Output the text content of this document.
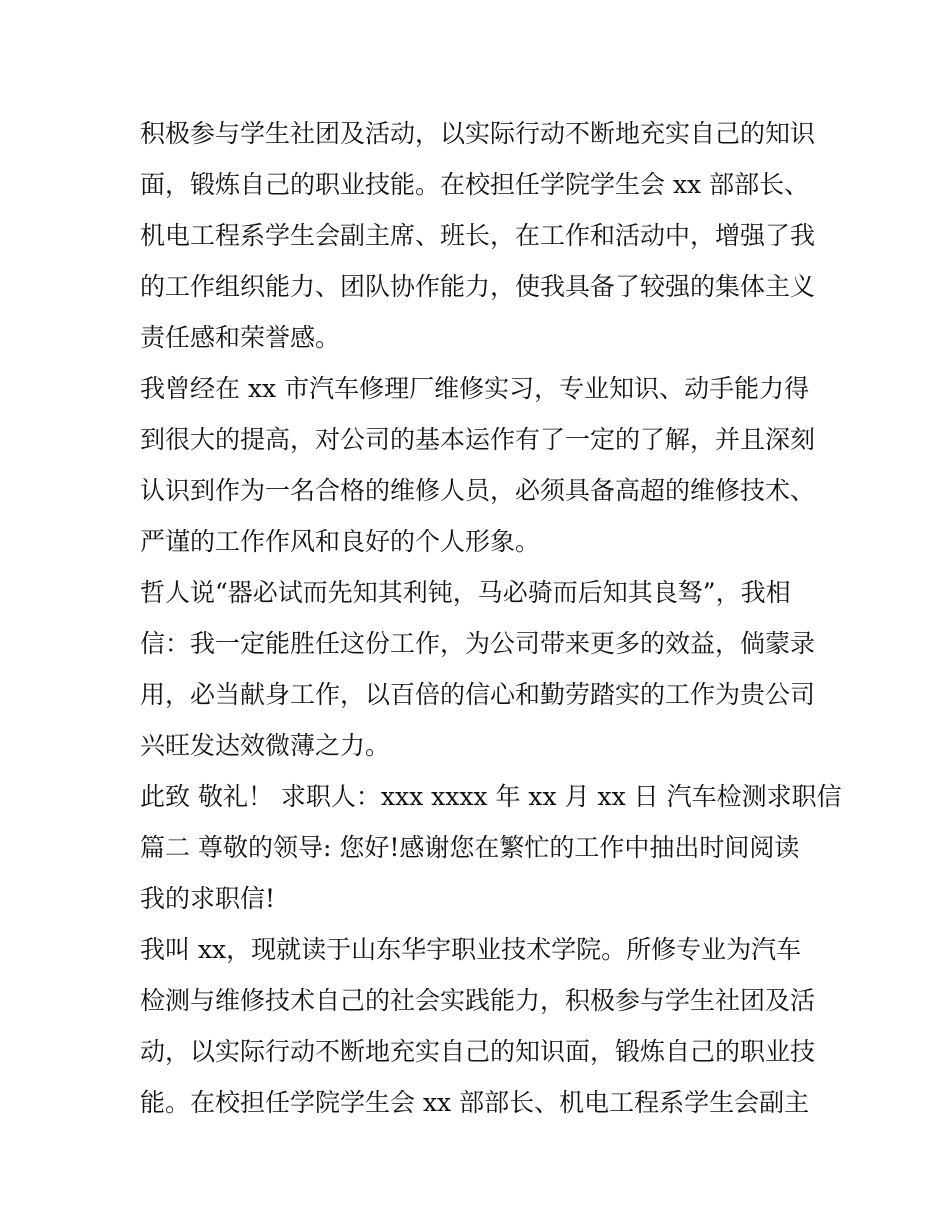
积极参与学生社团及活动，以实际行动不断地充实自己的知识
面，锻炼自己的职业技能。在校担任学院学生会 xx 部部长、
机电工程系学生会副主席、班长，在工作和活动中，增强了我
的工作组织能力、团队协作能力，使我具备了较强的集体主义
责任感和荣誉感。
我曾经在 xx 市汽车修理厂维修实习，专业知识、动手能力得
到很大的提高，对公司的基本运作有了一定的了解，并且深刻
认识到作为一名合格的维修人员，必须具备高超的维修技术、
严谨的工作作风和良好的个人形象。
哲人说“器必试而先知其利钝，马必骑而后知其良驽”，我相
信：我一定能胜任这份工作，为公司带来更多的效益，倘蒙录
用，必当献身工作，以百倍的信心和勤劳踏实的工作为贵公司
兴旺发达效微薄之力。
此致 敬礼！ 求职人：xxx xxxx 年 xx 月 xx 日 汽车检测求职信
篇二 尊敬的领导: 您好!感谢您在繁忙的工作中抽出时间阅读
我的求职信!
我叫 xx，现就读于山东华宇职业技术学院。所修专业为汽车
检测与维修技术自己的社会实践能力，积极参与学生社团及活
动，以实际行动不断地充实自己的知识面，锻炼自己的职业技
能。在校担任学院学生会 xx 部部长、机电工程系学生会副主
